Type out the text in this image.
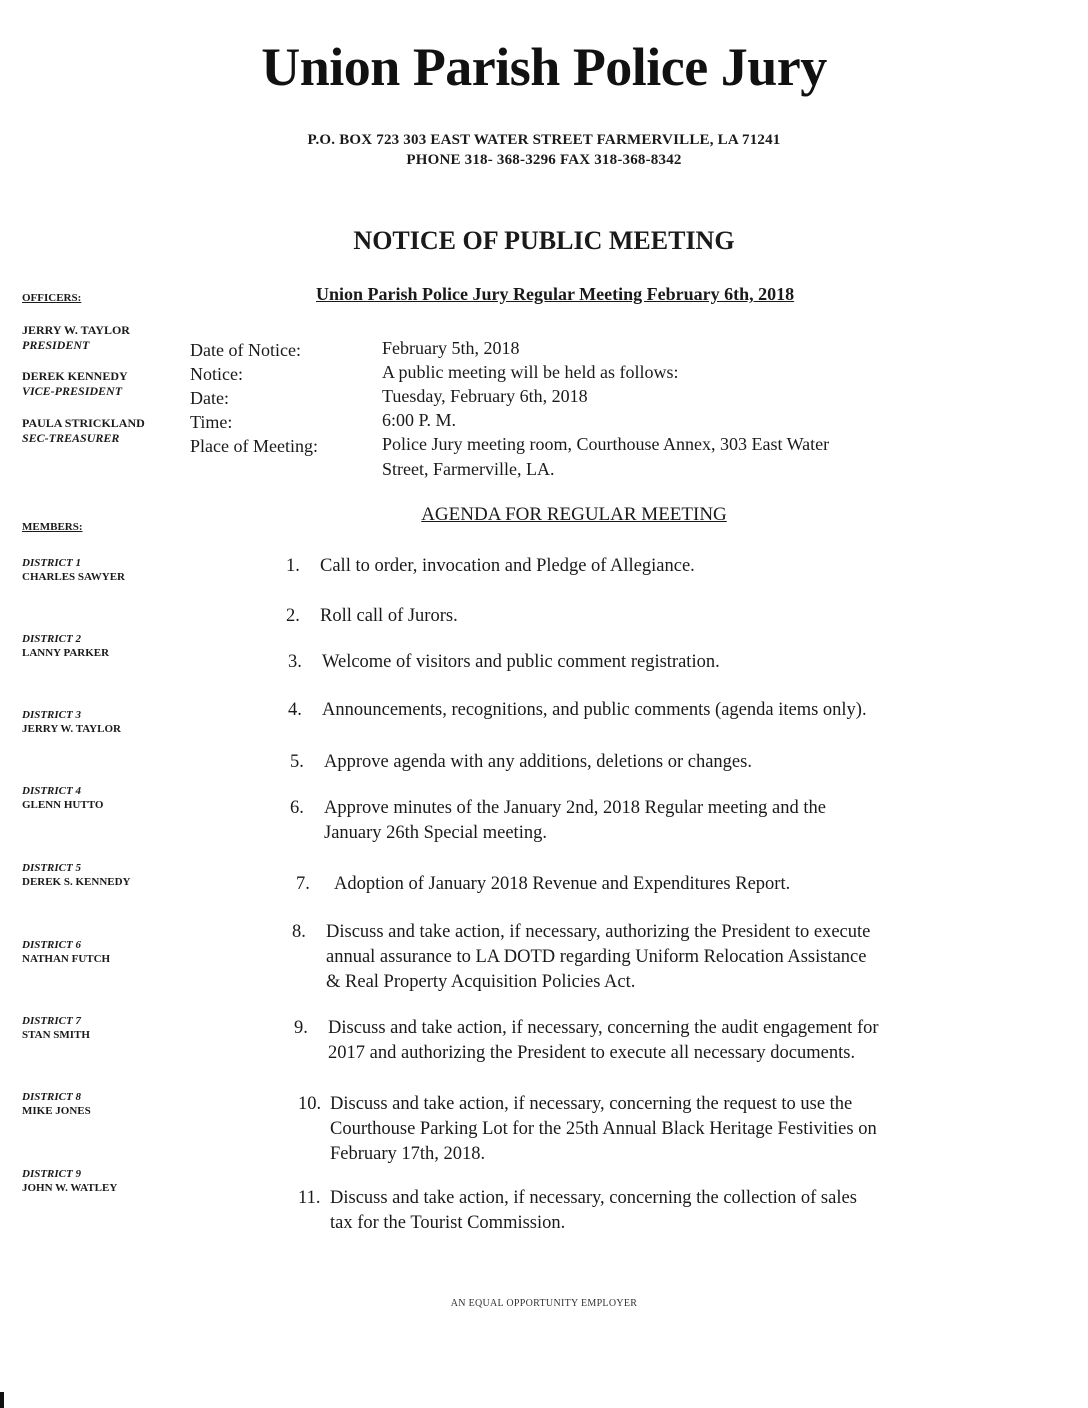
Union Parish Police Jury
P.O. BOX 723 303 EAST WATER STREET FARMERVILLE, LA 71241
PHONE 318- 368-3296 FAX 318-368-8342
NOTICE OF PUBLIC MEETING
Union Parish Police Jury Regular Meeting February 6th, 2018
OFFICERS:
JERRY W. TAYLOR
PRESIDENT
DEREK KENNEDY
VICE-PRESIDENT
PAULA STRICKLAND
SEC-TREASURER
MEMBERS:
DISTRICT 1
CHARLES SAWYER
DISTRICT 2
LANNY PARKER
DISTRICT 3
JERRY W. TAYLOR
DISTRICT 4
GLENN HUTTO
DISTRICT 5
DEREK S. KENNEDY
DISTRICT 6
NATHAN FUTCH
DISTRICT 7
STAN SMITH
DISTRICT 8
MIKE JONES
DISTRICT 9
JOHN W. WATLEY
Date of Notice:	February 5th, 2018
Notice:	A public meeting will be held as follows:
Date:	Tuesday, February 6th, 2018
Time:	6:00 P. M.
Place of Meeting:	Police Jury meeting room, Courthouse Annex, 303 East Water
Street, Farmerville, LA.
AGENDA FOR REGULAR MEETING
1. Call to order, invocation and Pledge of Allegiance.
2. Roll call of Jurors.
3. Welcome of visitors and public comment registration.
4. Announcements, recognitions, and public comments (agenda items only).
5. Approve agenda with any additions, deletions or changes.
6. Approve minutes of the January 2nd, 2018 Regular meeting and the
January 26th Special meeting.
7. Adoption of January 2018 Revenue and Expenditures Report.
8. Discuss and take action, if necessary, authorizing the President to execute
annual assurance to LA DOTD regarding Uniform Relocation Assistance
& Real Property Acquisition Policies Act.
9. Discuss and take action, if necessary, concerning the audit engagement for
2017 and authorizing the President to execute all necessary documents.
10. Discuss and take action, if necessary, concerning the request to use the
Courthouse Parking Lot for the 25th Annual Black Heritage Festivities on
February 17th, 2018.
11. Discuss and take action, if necessary, concerning the collection of sales
tax for the Tourist Commission.
AN EQUAL OPPORTUNITY EMPLOYER
